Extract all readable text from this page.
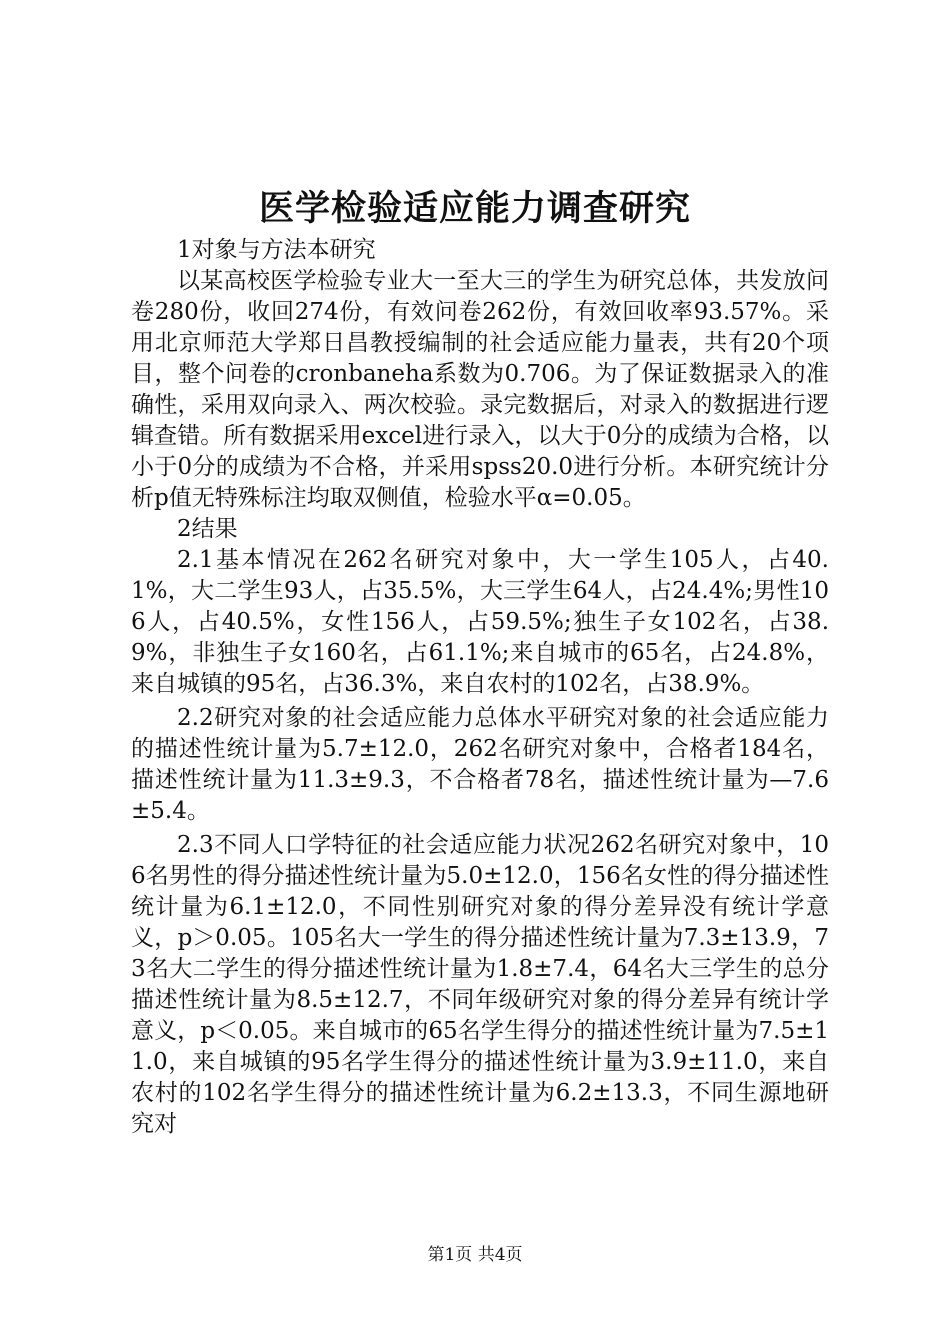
医学检验适应能力调查研究

1对象与方法本研究

以某高校医学检验专业大一至大三的学生为研究总体，共发放问卷280份，收回274份，有效问卷262份，有效回收率93.57%。采用北京师范大学郑日昌教授编制的社会适应能力量表，共有20个项目，整个问卷的cronbaneha系数为0.706。为了保证数据录入的准确性，采用双向录入、两次校验。录完数据后，对录入的数据进行逻辑查错。所有数据采用excel进行录入，以大于0分的成绩为合格，以小于0分的成绩为不合格，并采用spss20.0进行分析。本研究统计分析p值无特殊标注均取双侧值，检验水平α=0.05。

2结果

2.1基本情况在262名研究对象中，大一学生105人，占40.1%，大二学生93人，占35.5%，大三学生64人，占24.4%;男性106人，占40.5%，女性156人，占59.5%;独生子女102名，占38.9%，非独生子女160名，占61.1%;来自城市的65名，占24.8%，来自城镇的95名，占36.3%，来自农村的102名，占38.9%。

2.2研究对象的社会适应能力总体水平研究对象的社会适应能力的描述性统计量为5.7±12.0，262名研究对象中，合格者184名，描述性统计量为11.3±9.3，不合格者78名，描述性统计量为—7.6±5.4。

2.3不同人口学特征的社会适应能力状况262名研究对象中，106名男性的得分描述性统计量为5.0±12.0，156名女性的得分描述性统计量为6.1±12.0，不同性别研究对象的得分差异没有统计学意义，p＞0.05。105名大一学生的得分描述性统计量为7.3±13.9，73名大二学生的得分描述性统计量为1.8±7.4，64名大三学生的总分描述性统计量为8.5±12.7，不同年级研究对象的得分差异有统计学意义，p＜0.05。来自城市的65名学生得分的描述性统计量为7.5±11.0，来自城镇的95名学生得分的描述性统计量为3.9±11.0，来自农村的102名学生得分的描述性统计量为6.2±13.3，不同生源地研究对

第1页 共4页
